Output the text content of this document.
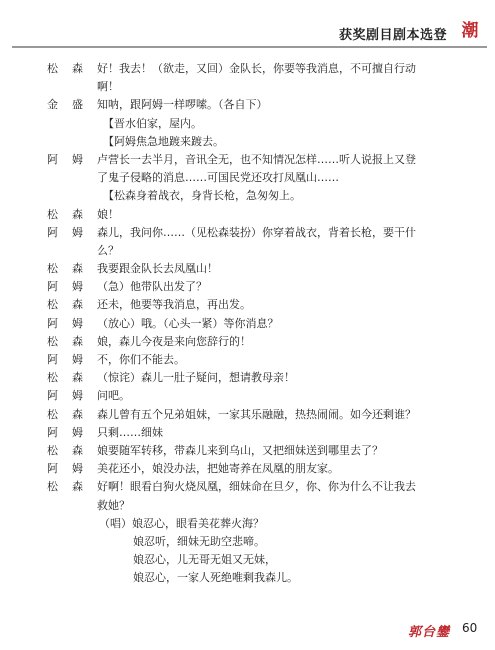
获奖剧目剧本选登 潮
松 森 好！我去！（欲走，又回）金队长，你要等我消息，不可擅自行动
啊！
金 盛 知呐，跟阿姆一样啰嗦。（各自下）
【晋水伯家，屋内。
【阿姆焦急地踱来踱去。
阿 姆 卢营长一去半月，音讯全无，也不知情况怎样……听人说报上又登
了鬼子侵略的消息……可国民党还攻打凤凰山……
【松森身着战衣，身背长枪，急匆匆上。
松 森 娘！
阿 姆 森儿，我问你……（见松森装扮）你穿着战衣，背着长枪，要干什
么？
松 森 我要跟金队长去凤凰山！
阿 姆 （急）他带队出发了？
松 森 还未，他要等我消息，再出发。
阿 姆 （放心）哦。（心头一紧）等你消息？
松 森 娘，森儿今夜是来向您辞行的！
阿 姆 不，你们不能去。
松 森 （惊诧）森儿一肚子疑问，想请教母亲！
阿 姆 问吧。
松 森 森儿曾有五个兄弟姐妹，一家其乐融融，热热闹闹。如今还剩谁？
阿 姆 只剩……细妹
松 森 娘要随军转移，带森儿来到乌山，又把细妹送到哪里去了？
阿 姆 美花还小，娘没办法，把她寄养在凤凰的朋友家。
松 森 好啊！眼看白狗火烧凤凰，细妹命在旦夕，你、你为什么不让我去
救她？
（唱）娘忍心，眼看美花葬火海？
娘忍听，细妹无助空悲啼。
娘忍心，儿无哥无姐又无妹，
娘忍心，一家人死绝唯剩我森儿。
郭台鑾 60
